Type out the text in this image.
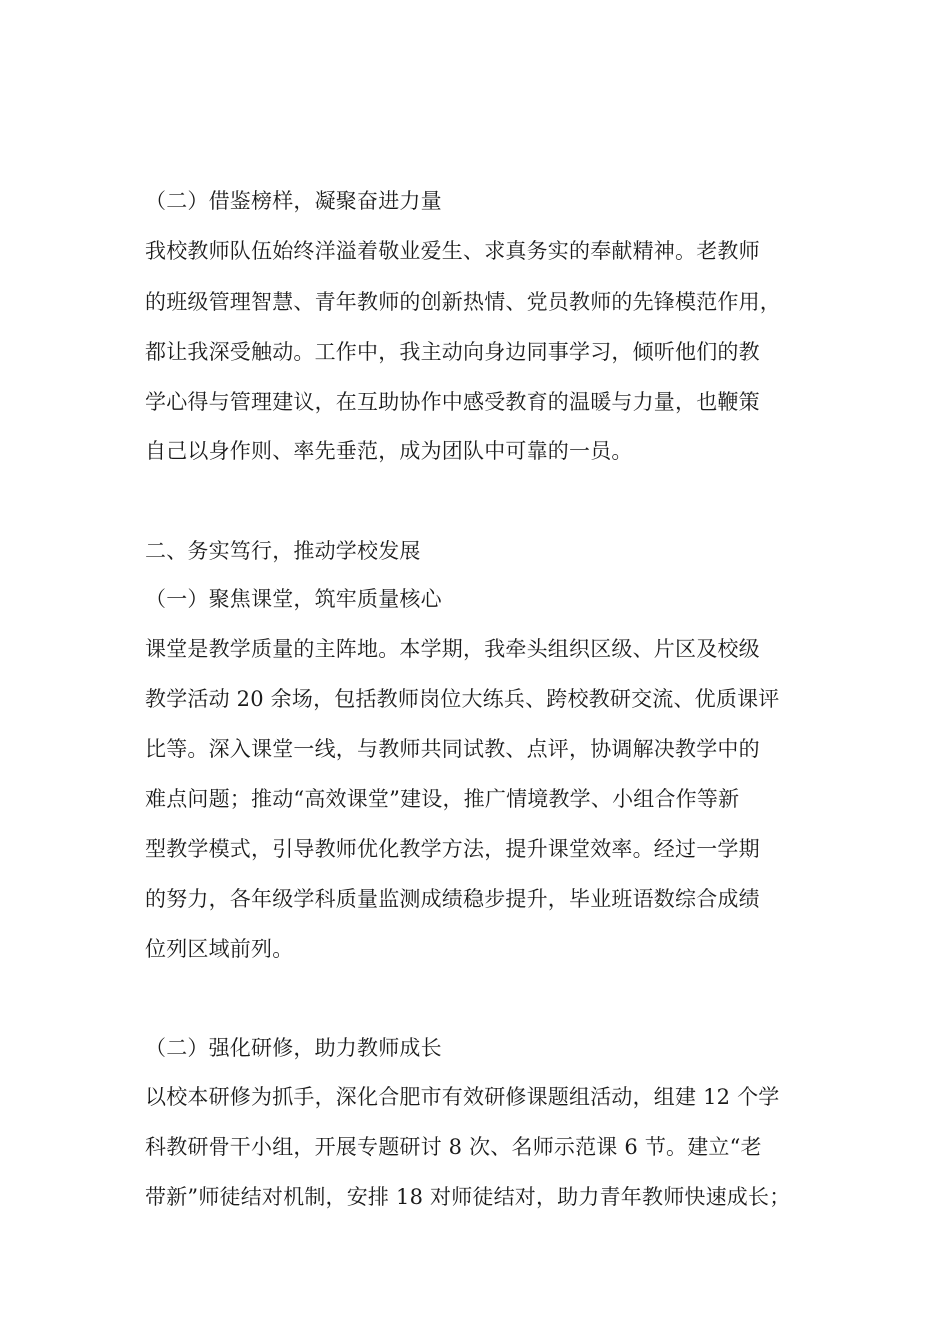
（二）借鉴榜样，凝聚奋进力量
我校教师队伍始终洋溢着敬业爱生、求真务实的奉献精神。老教师
的班级管理智慧、青年教师的创新热情、党员教师的先锋模范作用，
都让我深受触动。工作中，我主动向身边同事学习，倾听他们的教
学心得与管理建议，在互助协作中感受教育的温暖与力量，也鞭策
自己以身作则、率先垂范，成为团队中可靠的一员。
二、务实笃行，推动学校发展
（一）聚焦课堂，筑牢质量核心
课堂是教学质量的主阵地。本学期，我牵头组织区级、片区及校级
教学活动 20 余场，包括教师岗位大练兵、跨校教研交流、优质课评
比等。深入课堂一线，与教师共同试教、点评，协调解决教学中的
难点问题；推动“高效课堂”建设，推广情境教学、小组合作等新
型教学模式，引导教师优化教学方法，提升课堂效率。经过一学期
的努力，各年级学科质量监测成绩稳步提升，毕业班语数综合成绩
位列区域前列。
（二）强化研修，助力教师成长
以校本研修为抓手，深化合肥市有效研修课题组活动，组建 12 个学
科教研骨干小组，开展专题研讨 8 次、名师示范课 6 节。建立“老
带新”师徒结对机制，安排 18 对师徒结对，助力青年教师快速成长；
